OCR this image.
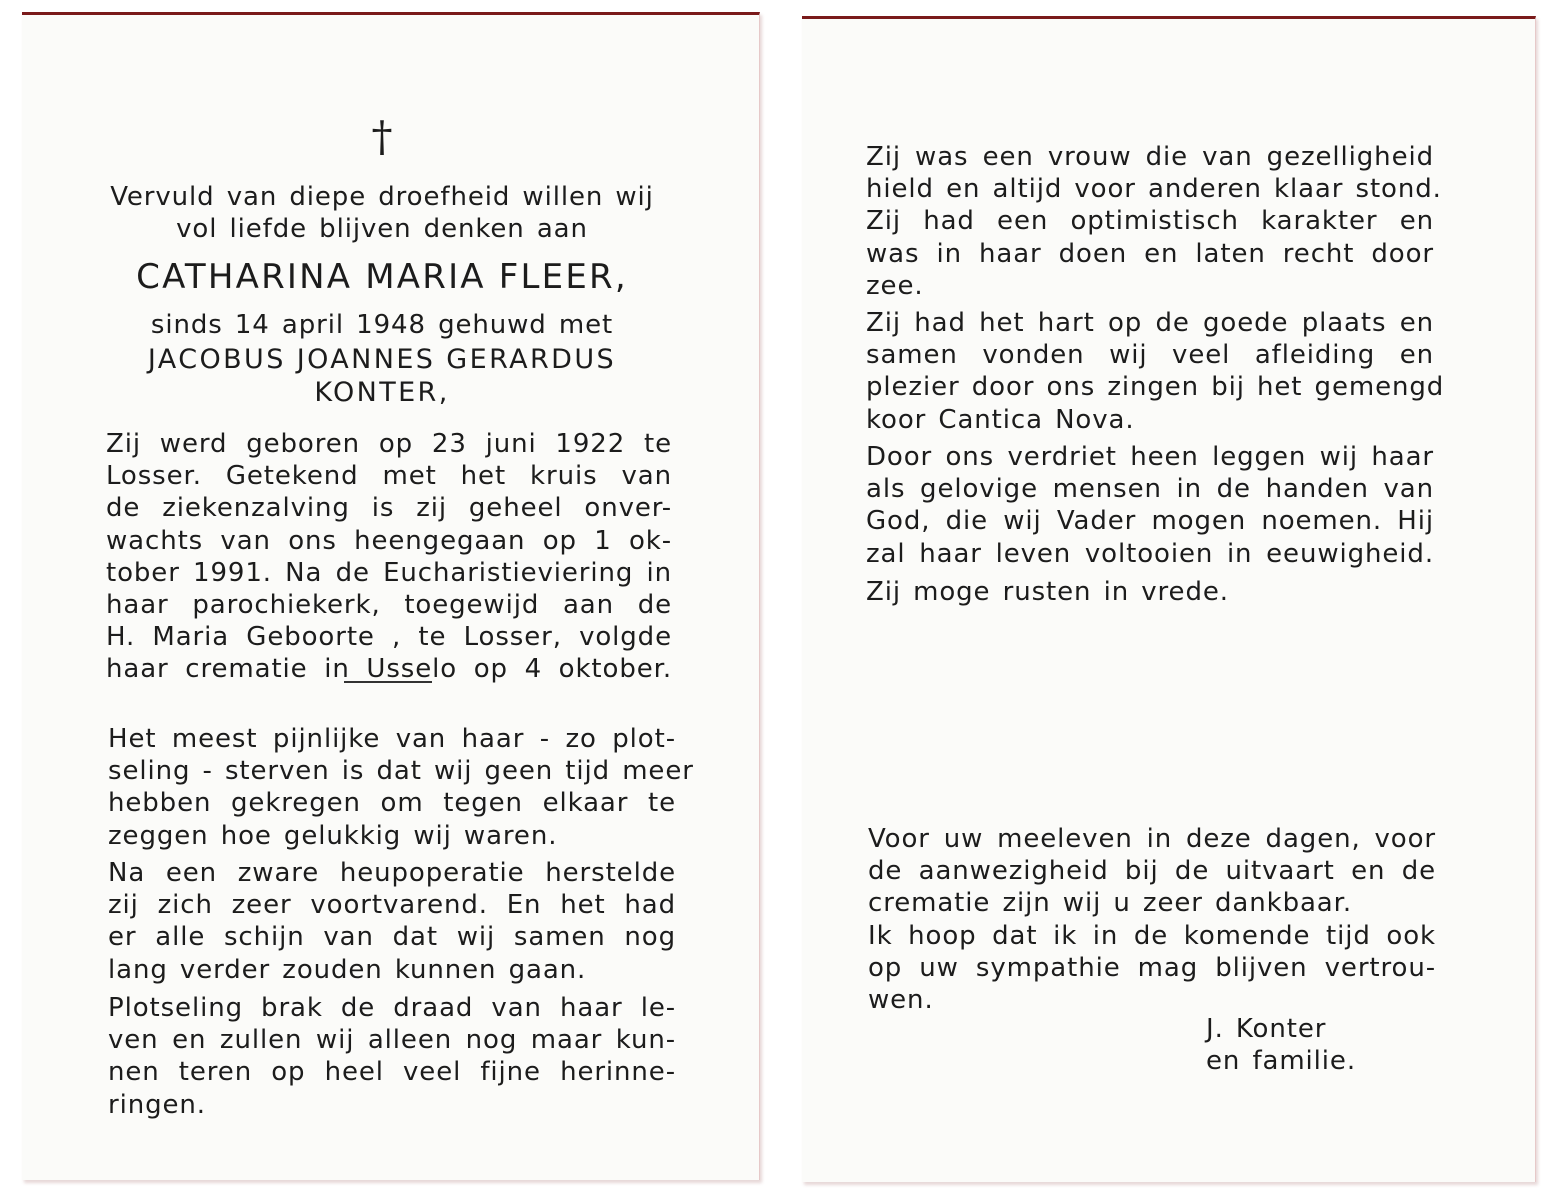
†
Vervuld van diepe droefheid willen wij
vol liefde blijven denken aan
CATHARINA MARIA FLEER,
sinds 14 april 1948 gehuwd met
JACOBUS JOANNES GERARDUS
KONTER,
Zij werd geboren op 23 juni 1922 te
Losser. Getekend met het kruis van
de ziekenzalving is zij geheel onver-
wachts van ons heengegaan op 1 ok-
tober 1991. Na de Eucharistieviering in
haar parochiekerk, toegewijd aan de
H. Maria Geboorte , te Losser, volgde
haar crematie in Usselo op 4 oktober.
Het meest pijnlijke van haar - zo plot-
seling - sterven is dat wij geen tijd meer
hebben gekregen om tegen elkaar te
zeggen hoe gelukkig wij waren.
Na een zware heupoperatie herstelde
zij zich zeer voortvarend. En het had
er alle schijn van dat wij samen nog
lang verder zouden kunnen gaan.
Plotseling brak de draad van haar le-
ven en zullen wij alleen nog maar kun-
nen teren op heel veel fijne herinne-
ringen.
Zij was een vrouw die van gezelligheid
hield en altijd voor anderen klaar stond.
Zij had een optimistisch karakter en
was in haar doen en laten recht door
zee.
Zij had het hart op de goede plaats en
samen vonden wij veel afleiding en
plezier door ons zingen bij het gemengd
koor Cantica Nova.
Door ons verdriet heen leggen wij haar
als gelovige mensen in de handen van
God, die wij Vader mogen noemen. Hij
zal haar leven voltooien in eeuwigheid.
Zij moge rusten in vrede.
Voor uw meeleven in deze dagen, voor
de aanwezigheid bij de uitvaart en de
crematie zijn wij u zeer dankbaar.
Ik hoop dat ik in de komende tijd ook
op uw sympathie mag blijven vertrou-
wen.
J. Konter
en familie.
